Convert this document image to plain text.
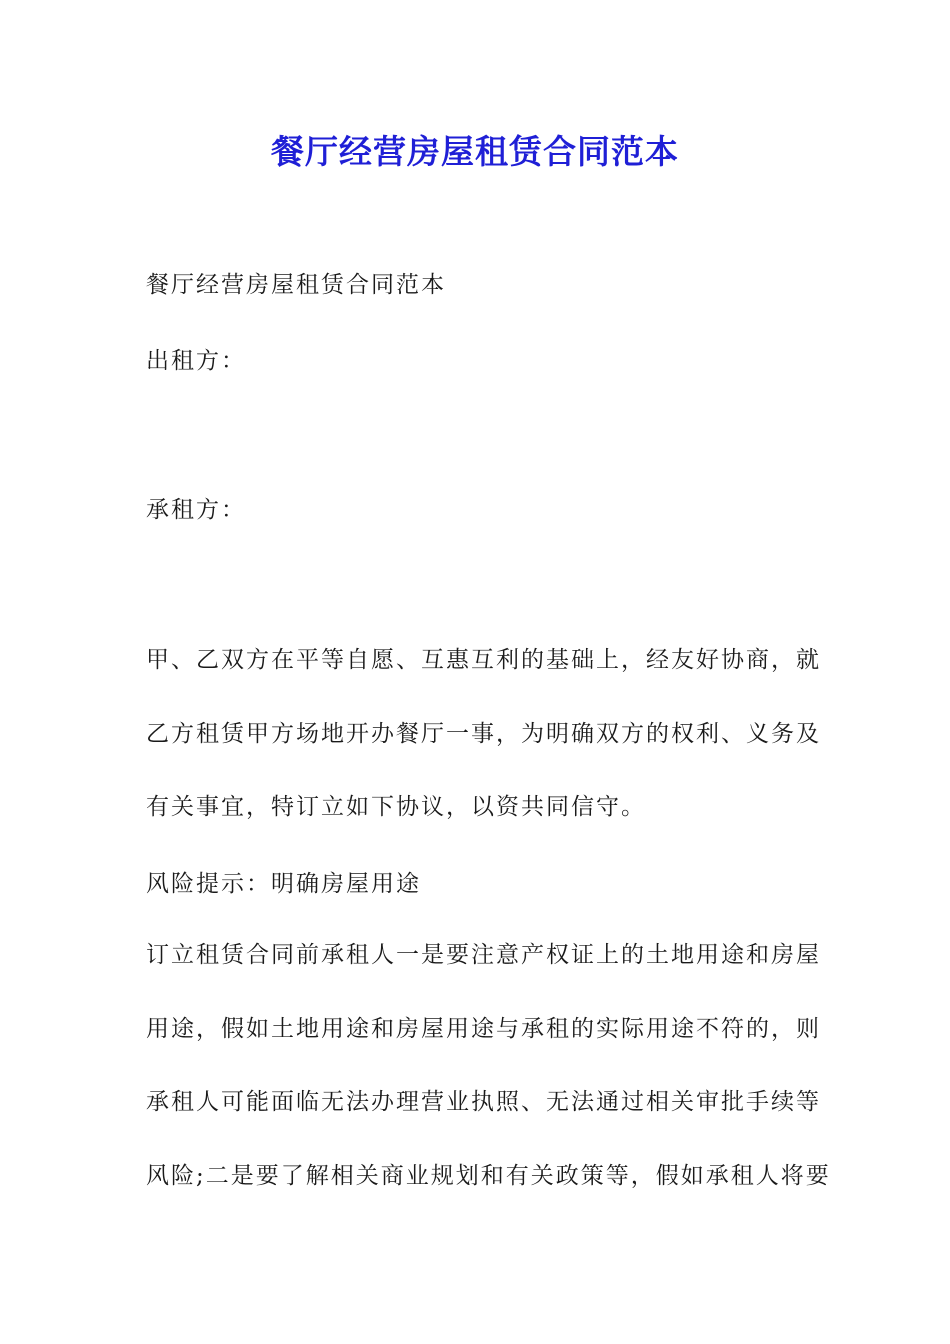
餐厅经营房屋租赁合同范本
餐厅经营房屋租赁合同范本
出租方：
承租方：
甲、乙双方在平等自愿、互惠互利的基础上，经友好协商，就
乙方租赁甲方场地开办餐厅一事，为明确双方的权利、义务及
有关事宜，特订立如下协议，以资共同信守。
风险提示：明确房屋用途
订立租赁合同前承租人一是要注意产权证上的土地用途和房屋
用途，假如土地用途和房屋用途与承租的实际用途不符的，则
承租人可能面临无法办理营业执照、无法通过相关审批手续等
风险;二是要了解相关商业规划和有关政策等，假如承租人将要
